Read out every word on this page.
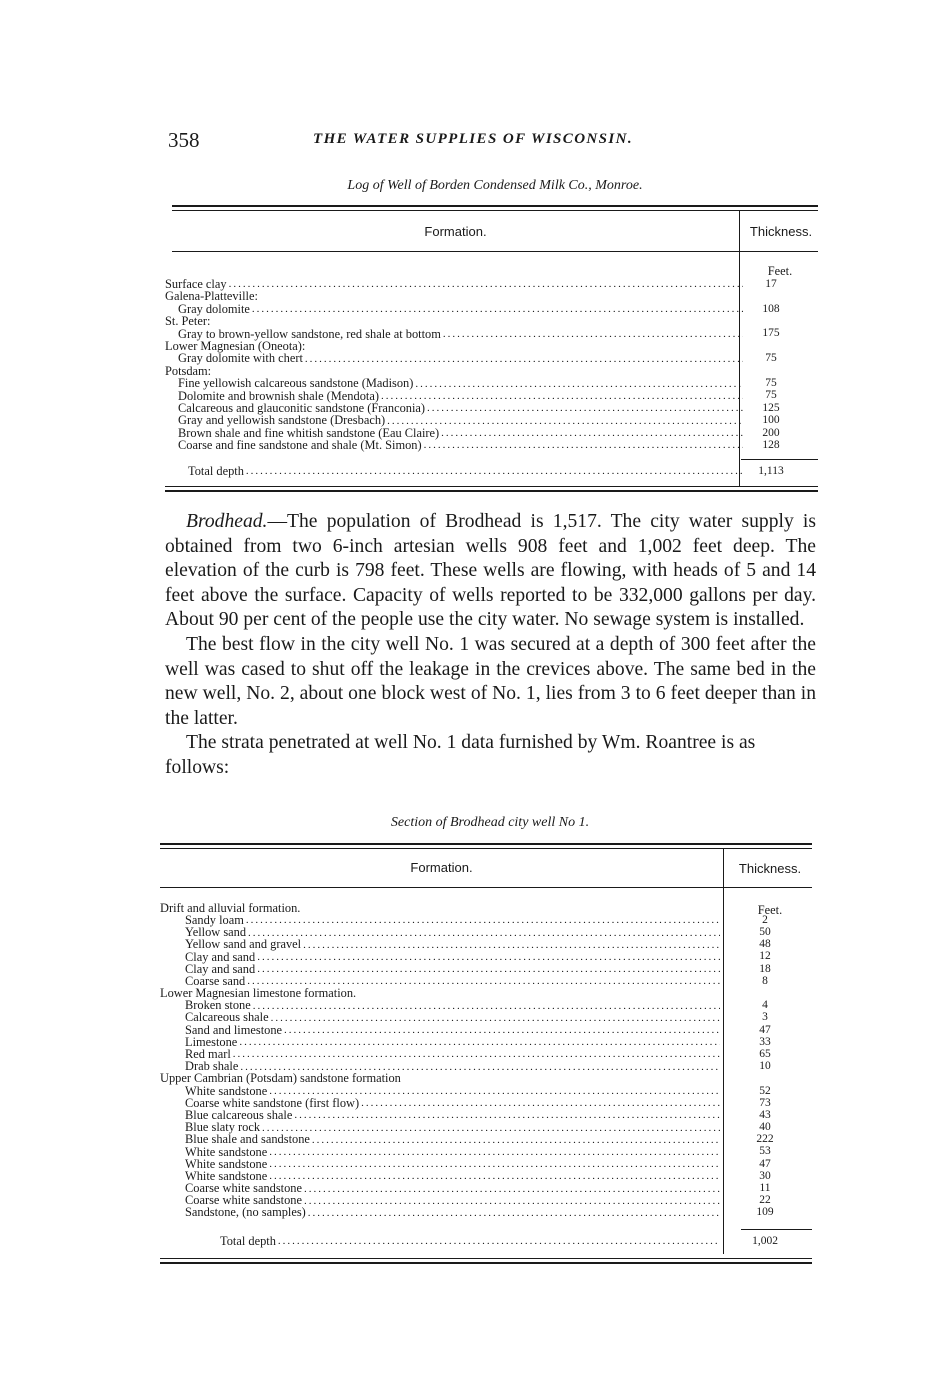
358	THE WATER SUPPLIES OF WISCONSIN.
Log of Well of Borden Condensed Milk Co., Monroe.
Formation.	Thickness.
Feet.
Surface clay .....	17
Galena-Platteville:
Gray dolomite .....	108
St. Peter:
Gray to brown-yellow sandstone, red shale at bottom .....	175
Lower Magnesian (Oneota):
Gray dolomite with chert .....	75
Potsdam:
Fine yellowish calcareous sandstone (Madison) .....	75
Dolomite and brownish shale (Mendota) .....	75
Calcareous and glauconitic sandstone (Franconia) .....	125
Gray and yellowish sandstone (Dresbach) .....	100
Brown shale and fine whitish sandstone (Eau Claire) .....	200
Coarse and fine sandstone and shale (Mt. Simon) .....	128
Total depth .....	1,113

Brodhead.—The population of Brodhead is 1,517. The city water supply is obtained from two 6-inch artesian wells 908 feet and 1,002 feet deep. The elevation of the curb is 798 feet. These wells are flowing, with heads of 5 and 14 feet above the surface. Capacity of wells reported to be 332,000 gallons per day. About 90 per cent of the people use the city water. No sewage system is installed.

The best flow in the city well No. 1 was secured at a depth of 300 feet after the well was cased to shut off the leakage in the crevices above. The same bed in the new well, No. 2, about one block west of No. 1, lies from 3 to 6 feet deeper than in the latter.

The strata penetrated at well No. 1 data furnished by Wm. Roantree is as follows:

Section of Brodhead city well No 1.
Formation.	Thickness.
Feet.
Drift and alluvial formation.
Sandy loam .....	2
Yellow sand .....	50
Yellow sand and gravel .....	48
Clay and sand .....	12
Clay and sand .....	18
Coarse sand .....	8
Lower Magnesian limestone formation.
Broken stone .....	4
Calcareous shale .....	3
Sand and limestone .....	47
Limestone .....	33
Red marl .....	65
Drab shale .....	10
Upper Cambrian (Potsdam) sandstone formation
White sandstone .....	52
Coarse white sandstone (first flow) .....	73
Blue calcareous shale .....	43
Blue slaty rock .....	40
Blue shale and sandstone .....	222
White sandstone .....	53
White sandstone .....	47
White sandstone .....	30
Coarse white sandstone .....	11
Coarse white sandstone .....	22
Sandstone, (no samples) .....	109
Total depth .....	1,002
